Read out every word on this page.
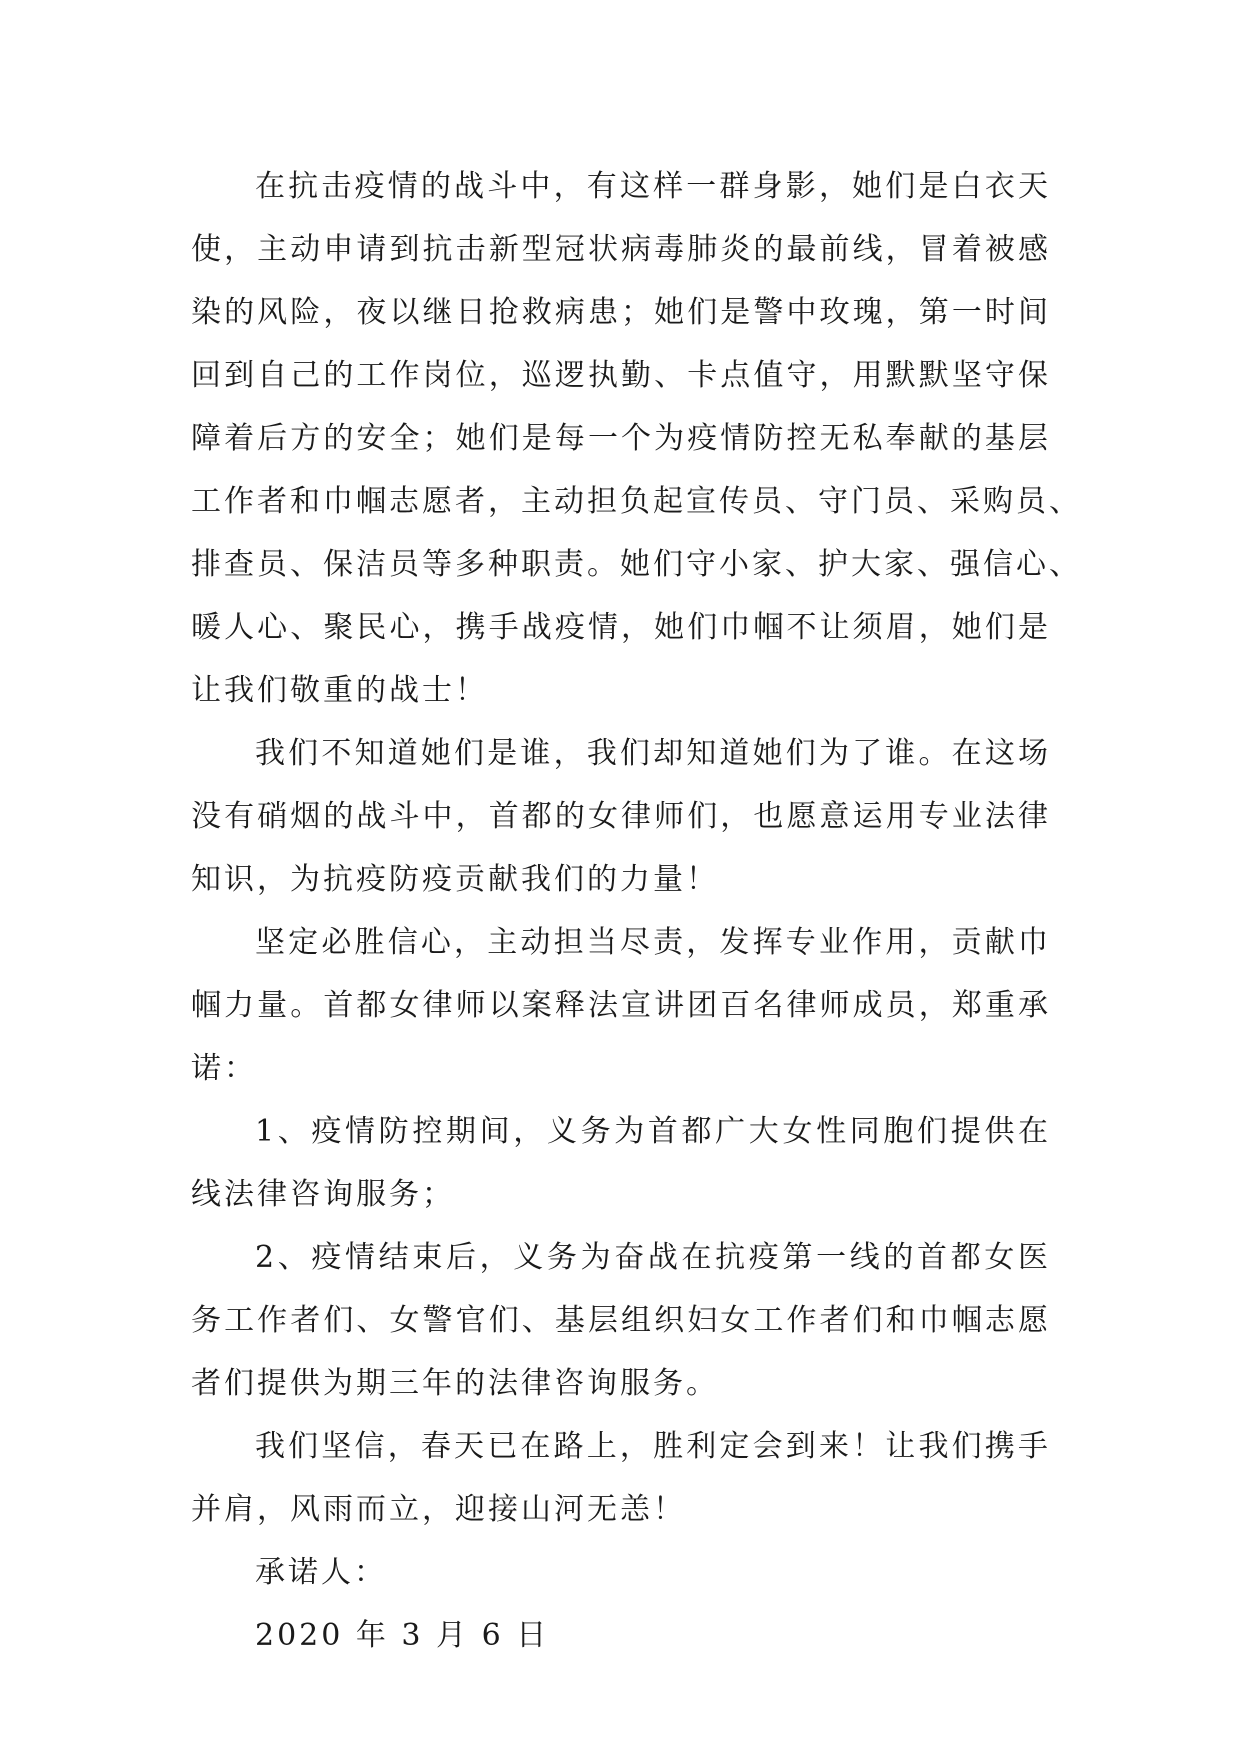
在抗击疫情的战斗中，有这样一群身影，她们是白衣天
使，主动申请到抗击新型冠状病毒肺炎的最前线，冒着被感
染的风险，夜以继日抢救病患；她们是警中玫瑰，第一时间
回到自己的工作岗位，巡逻执勤、卡点值守，用默默坚守保
障着后方的安全；她们是每一个为疫情防控无私奉献的基层
工作者和巾帼志愿者，主动担负起宣传员、守门员、采购员、
排查员、保洁员等多种职责。她们守小家、护大家、强信心、
暖人心、聚民心，携手战疫情，她们巾帼不让须眉，她们是
让我们敬重的战士！
我们不知道她们是谁，我们却知道她们为了谁。在这场
没有硝烟的战斗中，首都的女律师们，也愿意运用专业法律
知识，为抗疫防疫贡献我们的力量！
坚定必胜信心，主动担当尽责，发挥专业作用，贡献巾
帼力量。首都女律师以案释法宣讲团百名律师成员，郑重承
诺：
1、疫情防控期间，义务为首都广大女性同胞们提供在
线法律咨询服务；
2、疫情结束后，义务为奋战在抗疫第一线的首都女医
务工作者们、女警官们、基层组织妇女工作者们和巾帼志愿
者们提供为期三年的法律咨询服务。
我们坚信，春天已在路上，胜利定会到来！让我们携手
并肩，风雨而立，迎接山河无恙！
承诺人：
2020 年 3 月 6 日
